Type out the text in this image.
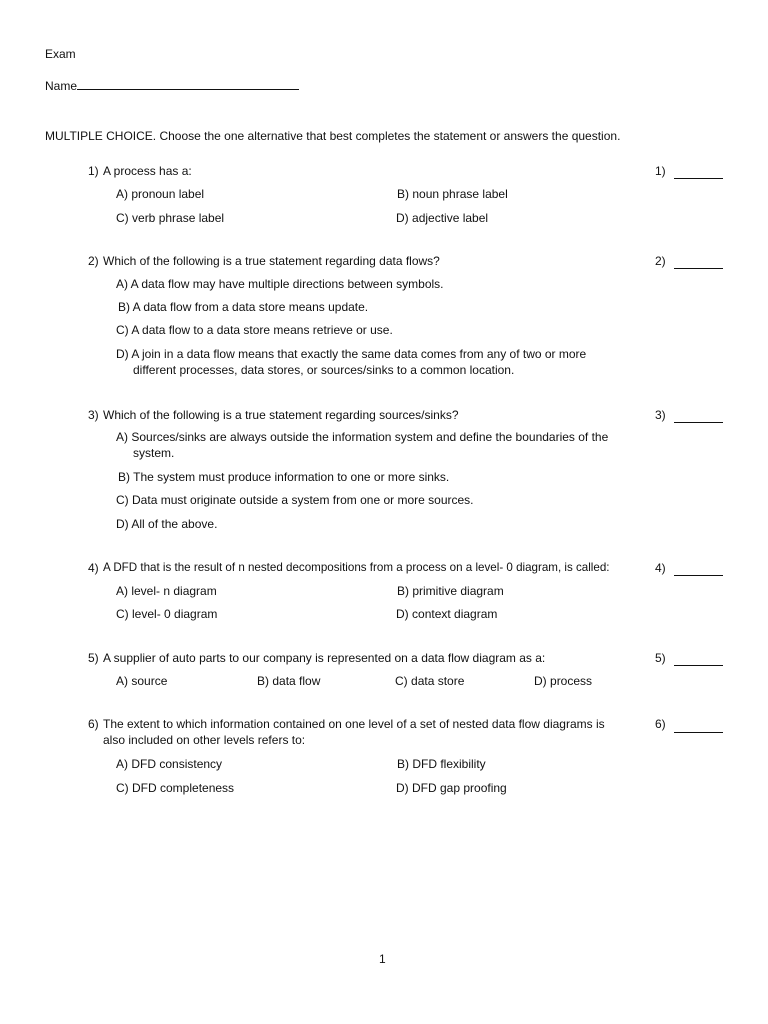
Exam
Name
MULTIPLE CHOICE. Choose the one alternative that best completes the statement or answers the question.
1) A process has a:	1)
A) pronoun label	B) noun phrase label
C) verb phrase label	D) adjective label
2) Which of the following is a true statement regarding data flows?	2)
A) A data flow may have multiple directions between symbols.
B) A data flow from a data store means update.
C) A data flow to a data store means retrieve or use.
D) A join in a data flow means that exactly the same data comes from any of two or more different processes, data stores, or sources/sinks to a common location.
3) Which of the following is a true statement regarding sources/sinks?	3)
A) Sources/sinks are always outside the information system and define the boundaries of the system.
B) The system must produce information to one or more sinks.
C) Data must originate outside a system from one or more sources.
D) All of the above.
4) A DFD that is the result of n nested decompositions from a process on a level- 0 diagram, is called:	4)
A) level- n diagram	B) primitive diagram
C) level- 0 diagram	D) context diagram
5) A supplier of auto parts to our company is represented on a data flow diagram as a:	5)
A) source	B) data flow	C) data store	D) process
6) The extent to which information contained on one level of a set of nested data flow diagrams is also included on other levels refers to:
6)
A) DFD consistency	B) DFD flexibility
C) DFD completeness	D) DFD gap proofing
1
